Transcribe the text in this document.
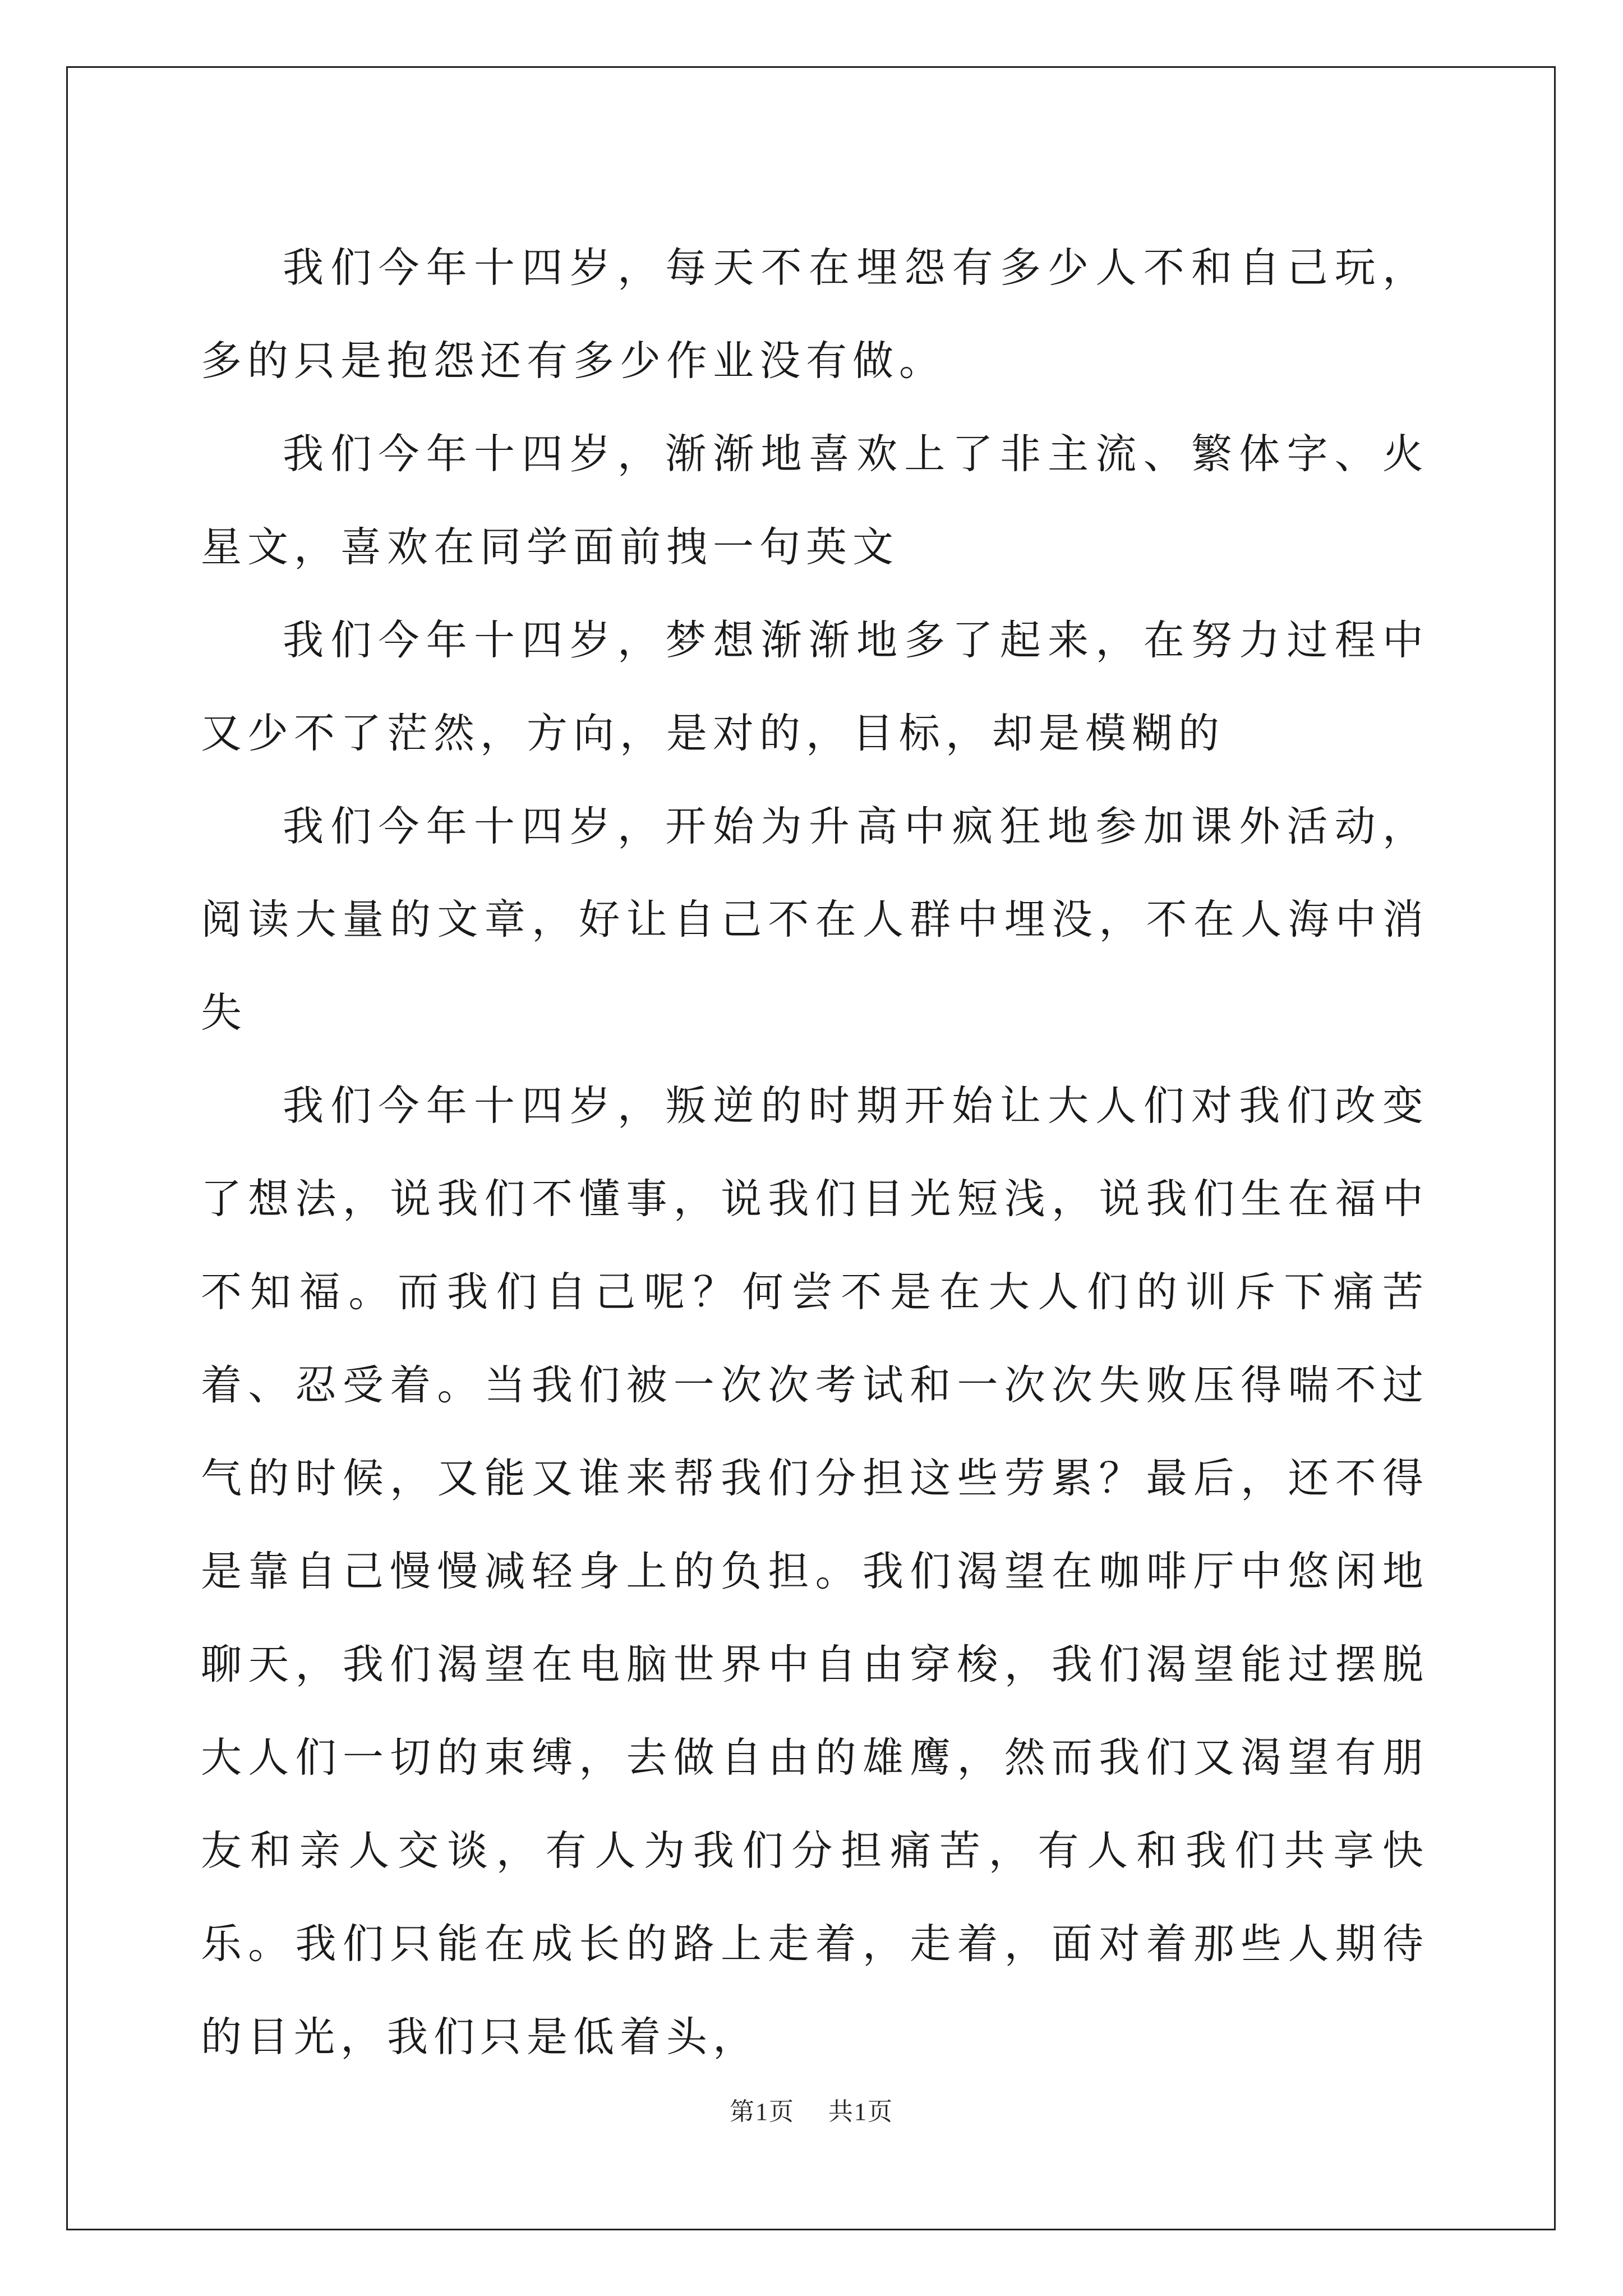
我们今年十四岁，每天不在埋怨有多少人不和自己玩，多的只是抱怨还有多少作业没有做。

我们今年十四岁，渐渐地喜欢上了非主流、繁体字、火星文，喜欢在同学面前拽一句英文

我们今年十四岁，梦想渐渐地多了起来，在努力过程中又少不了茫然，方向，是对的，目标，却是模糊的

我们今年十四岁，开始为升高中疯狂地参加课外活动，阅读大量的文章，好让自己不在人群中埋没，不在人海中消失

我们今年十四岁，叛逆的时期开始让大人们对我们改变了想法，说我们不懂事，说我们目光短浅，说我们生在福中不知福。而我们自己呢？何尝不是在大人们的训斥下痛苦着、忍受着。当我们被一次次考试和一次次失败压得喘不过气的时候，又能又谁来帮我们分担这些劳累？最后，还不得是靠自己慢慢减轻身上的负担。我们渴望在咖啡厅中悠闲地聊天，我们渴望在电脑世界中自由穿梭，我们渴望能过摆脱大人们一切的束缚，去做自由的雄鹰，然而我们又渴望有朋友和亲人交谈，有人为我们分担痛苦，有人和我们共享快乐。我们只能在成长的路上走着，走着，面对着那些人期待的目光，我们只是低着头，

第1页 共1页
